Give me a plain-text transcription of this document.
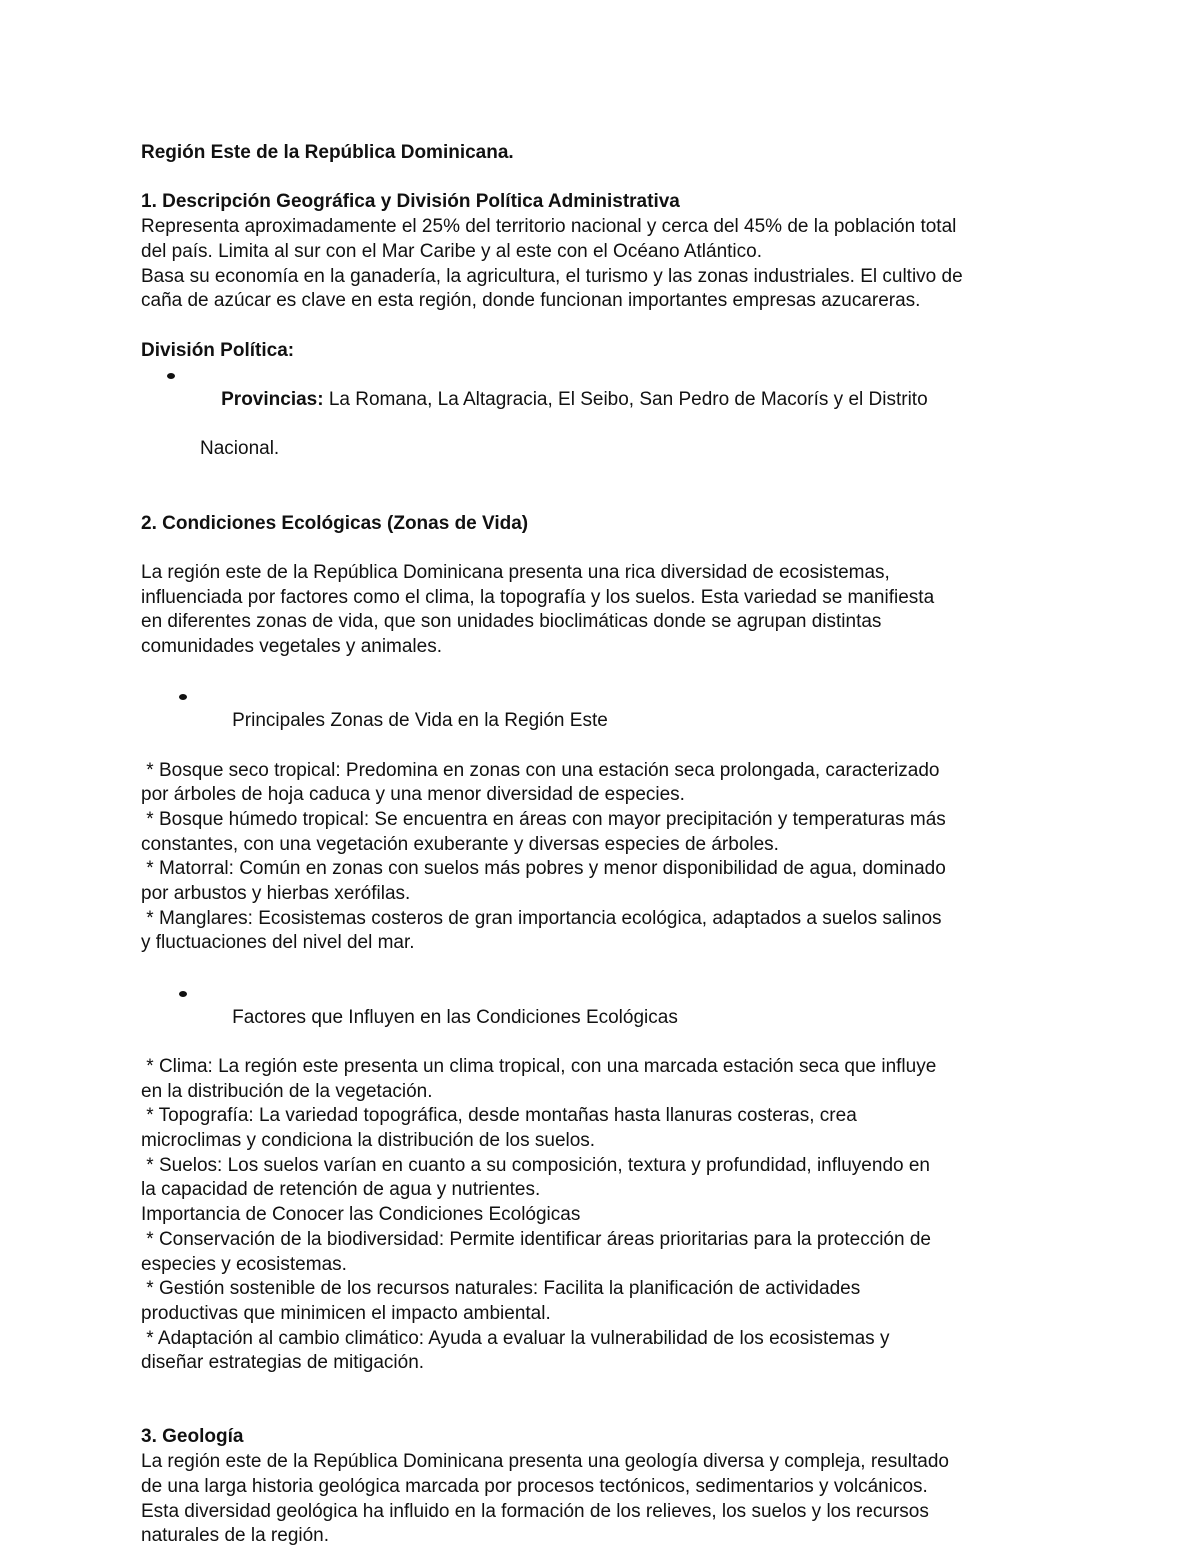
Región Este de la República Dominicana.
1. Descripción Geográfica y División Política Administrativa
Representa aproximadamente el 25% del territorio nacional y cerca del 45% de la población total
del país. Limita al sur con el Mar Caribe y al este con el Océano Atlántico.
Basa su economía en la ganadería, la agricultura, el turismo y las zonas industriales. El cultivo de
caña de azúcar es clave en esta región, donde funcionan importantes empresas azucareras.
División Política:

Provincias: La Romana, La Altagracia, El Seibo, San Pedro de Macorís y el Distrito

Nacional.
2. Condiciones Ecológicas (Zonas de Vida)
La región este de la República Dominicana presenta una rica diversidad de ecosistemas,
influenciada por factores como el clima, la topografía y los suelos. Esta variedad se manifiesta
en diferentes zonas de vida, que son unidades bioclimáticas donde se agrupan distintas
comunidades vegetales y animales.

Principales Zonas de Vida en la Región Este

* Bosque seco tropical: Predomina en zonas con una estación seca prolongada, caracterizado
por árboles de hoja caduca y una menor diversidad de especies.
* Bosque húmedo tropical: Se encuentra en áreas con mayor precipitación y temperaturas más
constantes, con una vegetación exuberante y diversas especies de árboles.
* Matorral: Común en zonas con suelos más pobres y menor disponibilidad de agua, dominado
por arbustos y hierbas xerófilas.
* Manglares: Ecosistemas costeros de gran importancia ecológica, adaptados a suelos salinos
y fluctuaciones del nivel del mar.

Factores que Influyen en las Condiciones Ecológicas

* Clima: La región este presenta un clima tropical, con una marcada estación seca que influye
en la distribución de la vegetación.
* Topografía: La variedad topográfica, desde montañas hasta llanuras costeras, crea
microclimas y condiciona la distribución de los suelos.
* Suelos: Los suelos varían en cuanto a su composición, textura y profundidad, influyendo en
la capacidad de retención de agua y nutrientes.
Importancia de Conocer las Condiciones Ecológicas
* Conservación de la biodiversidad: Permite identificar áreas prioritarias para la protección de
especies y ecosistemas.
* Gestión sostenible de los recursos naturales: Facilita la planificación de actividades
productivas que minimicen el impacto ambiental.
* Adaptación al cambio climático: Ayuda a evaluar la vulnerabilidad de los ecosistemas y
diseñar estrategias de mitigación.
3. Geología
La región este de la República Dominicana presenta una geología diversa y compleja, resultado
de una larga historia geológica marcada por procesos tectónicos, sedimentarios y volcánicos.
Esta diversidad geológica ha influido en la formación de los relieves, los suelos y los recursos
naturales de la región.
